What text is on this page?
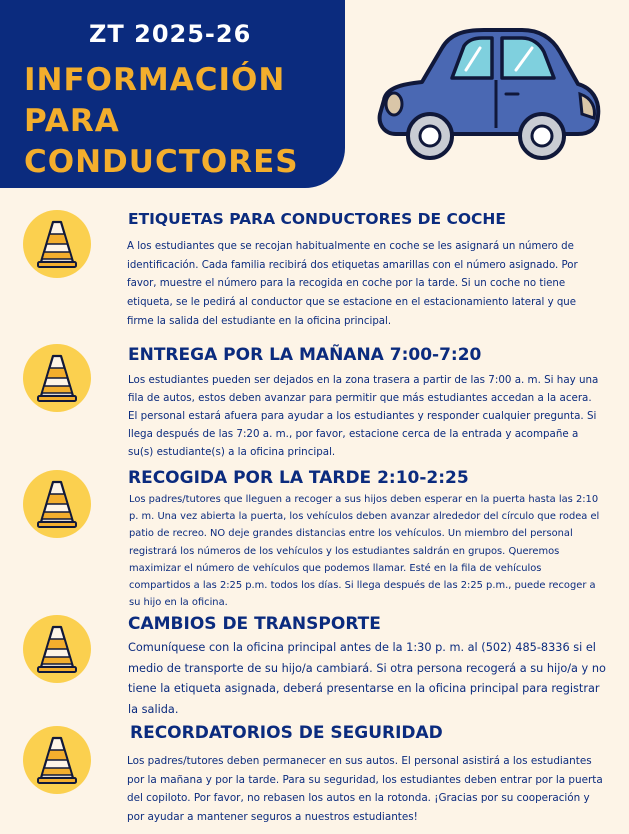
ZT 2025-26
INFORMACIÓN
PARA
CONDUCTORES
ETIQUETAS PARA CONDUCTORES DE COCHE

A los estudiantes que se recojan habitualmente en coche se les asignará un número de identificación. Cada familia recibirá dos etiquetas amarillas con el número asignado. Por favor, muestre el número para la recogida en coche por la tarde. Si un coche no tiene etiqueta, se le pedirá al conductor que se estacione en el estacionamiento lateral y que firme la salida del estudiante en la oficina principal.

ENTREGA POR LA MAÑANA 7:00-7:20

Los estudiantes pueden ser dejados en la zona trasera a partir de las 7:00 a. m. Si hay una fila de autos, estos deben avanzar para permitir que más estudiantes accedan a la acera. El personal estará afuera para ayudar a los estudiantes y responder cualquier pregunta. Si llega después de las 7:20 a. m., por favor, estacione cerca de la entrada y acompañe a su(s) estudiante(s) a la oficina principal.

RECOGIDA POR LA TARDE 2:10-2:25

Los padres/tutores que lleguen a recoger a sus hijos deben esperar en la puerta hasta las 2:10 p. m. Una vez abierta la puerta, los vehículos deben avanzar alrededor del círculo que rodea el patio de recreo. NO deje grandes distancias entre los vehículos. Un miembro del personal registrará los números de los vehículos y los estudiantes saldrán en grupos. Queremos maximizar el número de vehículos que podemos llamar. Esté en la fila de vehículos compartidos a las 2:25 p.m. todos los días. Si llega después de las 2:25 p.m., puede recoger a su hijo en la oficina.

CAMBIOS DE TRANSPORTE

Comuníquese con la oficina principal antes de la 1:30 p. m. al (502) 485-8336 si el medio de transporte de su hijo/a cambiará. Si otra persona recogerá a su hijo/a y no tiene la etiqueta asignada, deberá presentarse en la oficina principal para registrar la salida.

RECORDATORIOS DE SEGURIDAD

Los padres/tutores deben permanecer en sus autos. El personal asistirá a los estudiantes por la mañana y por la tarde. Para su seguridad, los estudiantes deben entrar por la puerta del copiloto. Por favor, no rebasen los autos en la rotonda. ¡Gracias por su cooperación y por ayudar a mantener seguros a nuestros estudiantes!
